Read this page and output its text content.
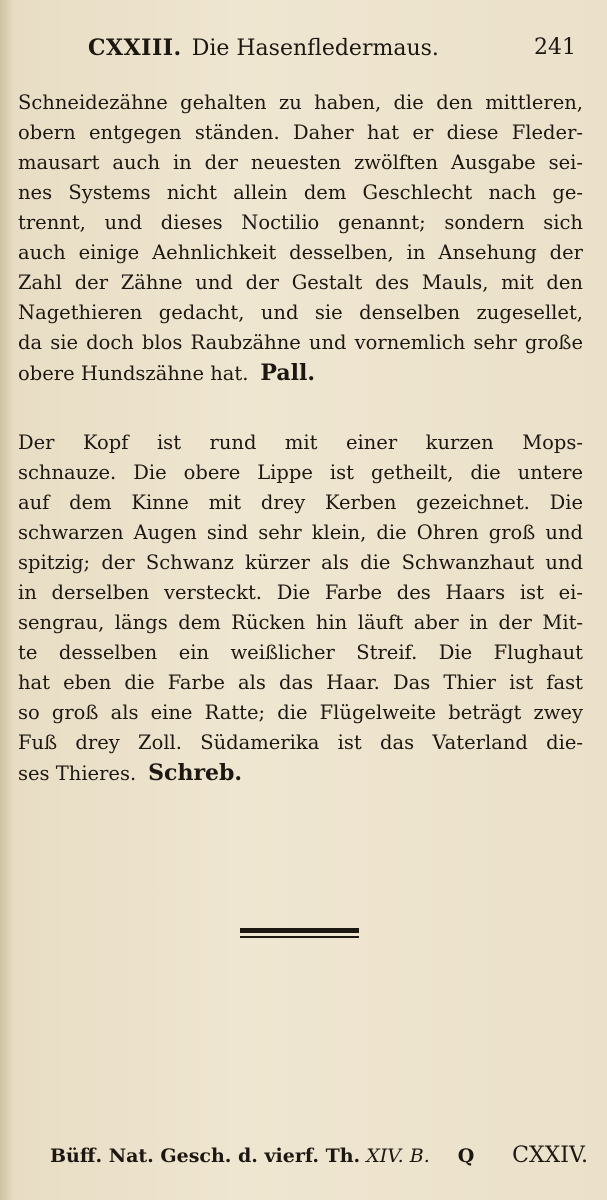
CXXIII. Die Hasenfledermaus.	241
Schneidezähne gehalten zu haben, die den mittleren,
obern entgegen ständen. Daher hat er diese Fleder-
mausart auch in der neuesten zwölften Ausgabe sei-
nes Systems nicht allein dem Geschlecht nach ge-
trennt, und dieses Noctilio genannt; sondern sich
auch einige Aehnlichkeit desselben, in Ansehung der
Zahl der Zähne und der Gestalt des Mauls, mit den
Nagethieren gedacht, und sie denselben zugesellet,
da sie doch blos Raubzähne und vornemlich sehr große
obere Hundszähne hat. Pall.
Der Kopf ist rund mit einer kurzen Mops-
schnauze. Die obere Lippe ist getheilt, die untere
auf dem Kinne mit drey Kerben gezeichnet. Die
schwarzen Augen sind sehr klein, die Ohren groß und
spitzig; der Schwanz kürzer als die Schwanzhaut und
in derselben versteckt. Die Farbe des Haars ist ei-
sengrau, längs dem Rücken hin läuft aber in der Mit-
te desselben ein weißlicher Streif. Die Flughaut
hat eben die Farbe als das Haar. Das Thier ist fast
so groß als eine Ratte; die Flügelweite beträgt zwey
Fuß drey Zoll. Südamerika ist das Vaterland die-
ses Thieres. Schreb.
Büff. Nat. Gesch. d. vierf. Th. XIV. B. Q CXXIV.
